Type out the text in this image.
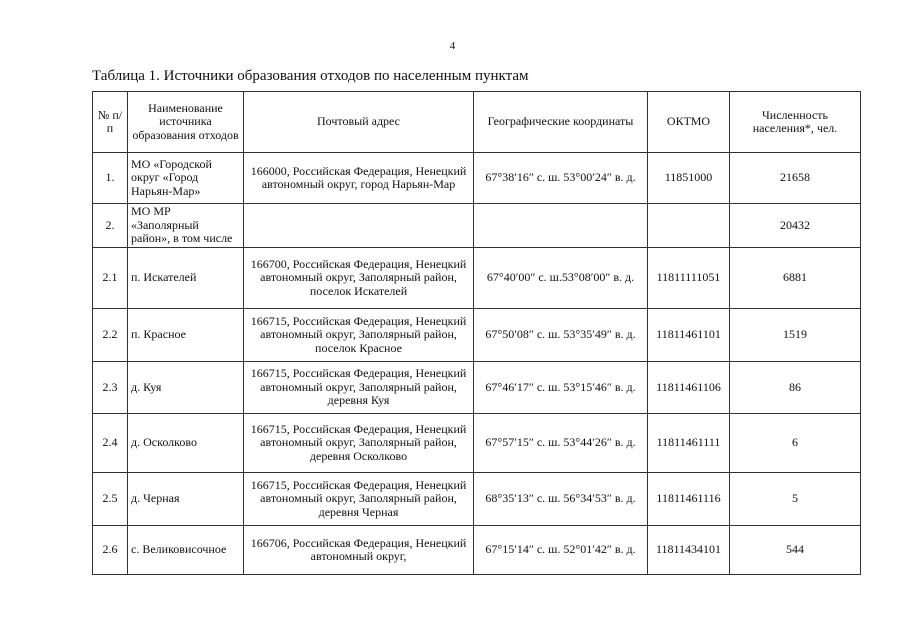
4
Таблица 1. Источники образования отходов по населенным пунктам
№ п/п	Наименование источника образования отходов	Почтовый адрес	Географические координаты	ОКТМО	Численность населения*, чел.
1.	МО «Городской округ «Город Нарьян-Мар»	166000, Российская Федерация, Ненецкий автономный округ, город Нарьян-Мар	67°38′16″ с. ш. 53°00′24″ в. д.	11851000	21658
2.	МО МР «Заполярный район», в том числе				20432
2.1	п. Искателей	166700, Российская Федерация, Ненецкий автономный округ, Заполярный район, поселок Искателей	67°40′00″ с. ш.53°08′00″ в. д.	11811111051	6881
2.2	п. Красное	166715, Российская Федерация, Ненецкий автономный округ, Заполярный район, поселок Красное	67°50′08″ с. ш. 53°35′49″ в. д.	11811461101	1519
2.3	д. Куя	166715, Российская Федерация, Ненецкий автономный округ, Заполярный район, деревня Куя	67°46′17″ с. ш. 53°15′46″ в. д.	11811461106	86
2.4	д. Осколково	166715, Российская Федерация, Ненецкий автономный округ, Заполярный район, деревня Осколково	67°57′15″ с. ш. 53°44′26″ в. д.	11811461111	6
2.5	д. Черная	166715, Российская Федерация, Ненецкий автономный округ, Заполярный район, деревня Черная	68°35′13″ с. ш. 56°34′53″ в. д.	11811461116	5
2.6	с. Великовисочное	166706, Российская Федерация, Ненецкий автономный округ,	67°15′14″ с. ш. 52°01′42″ в. д.	11811434101	544
